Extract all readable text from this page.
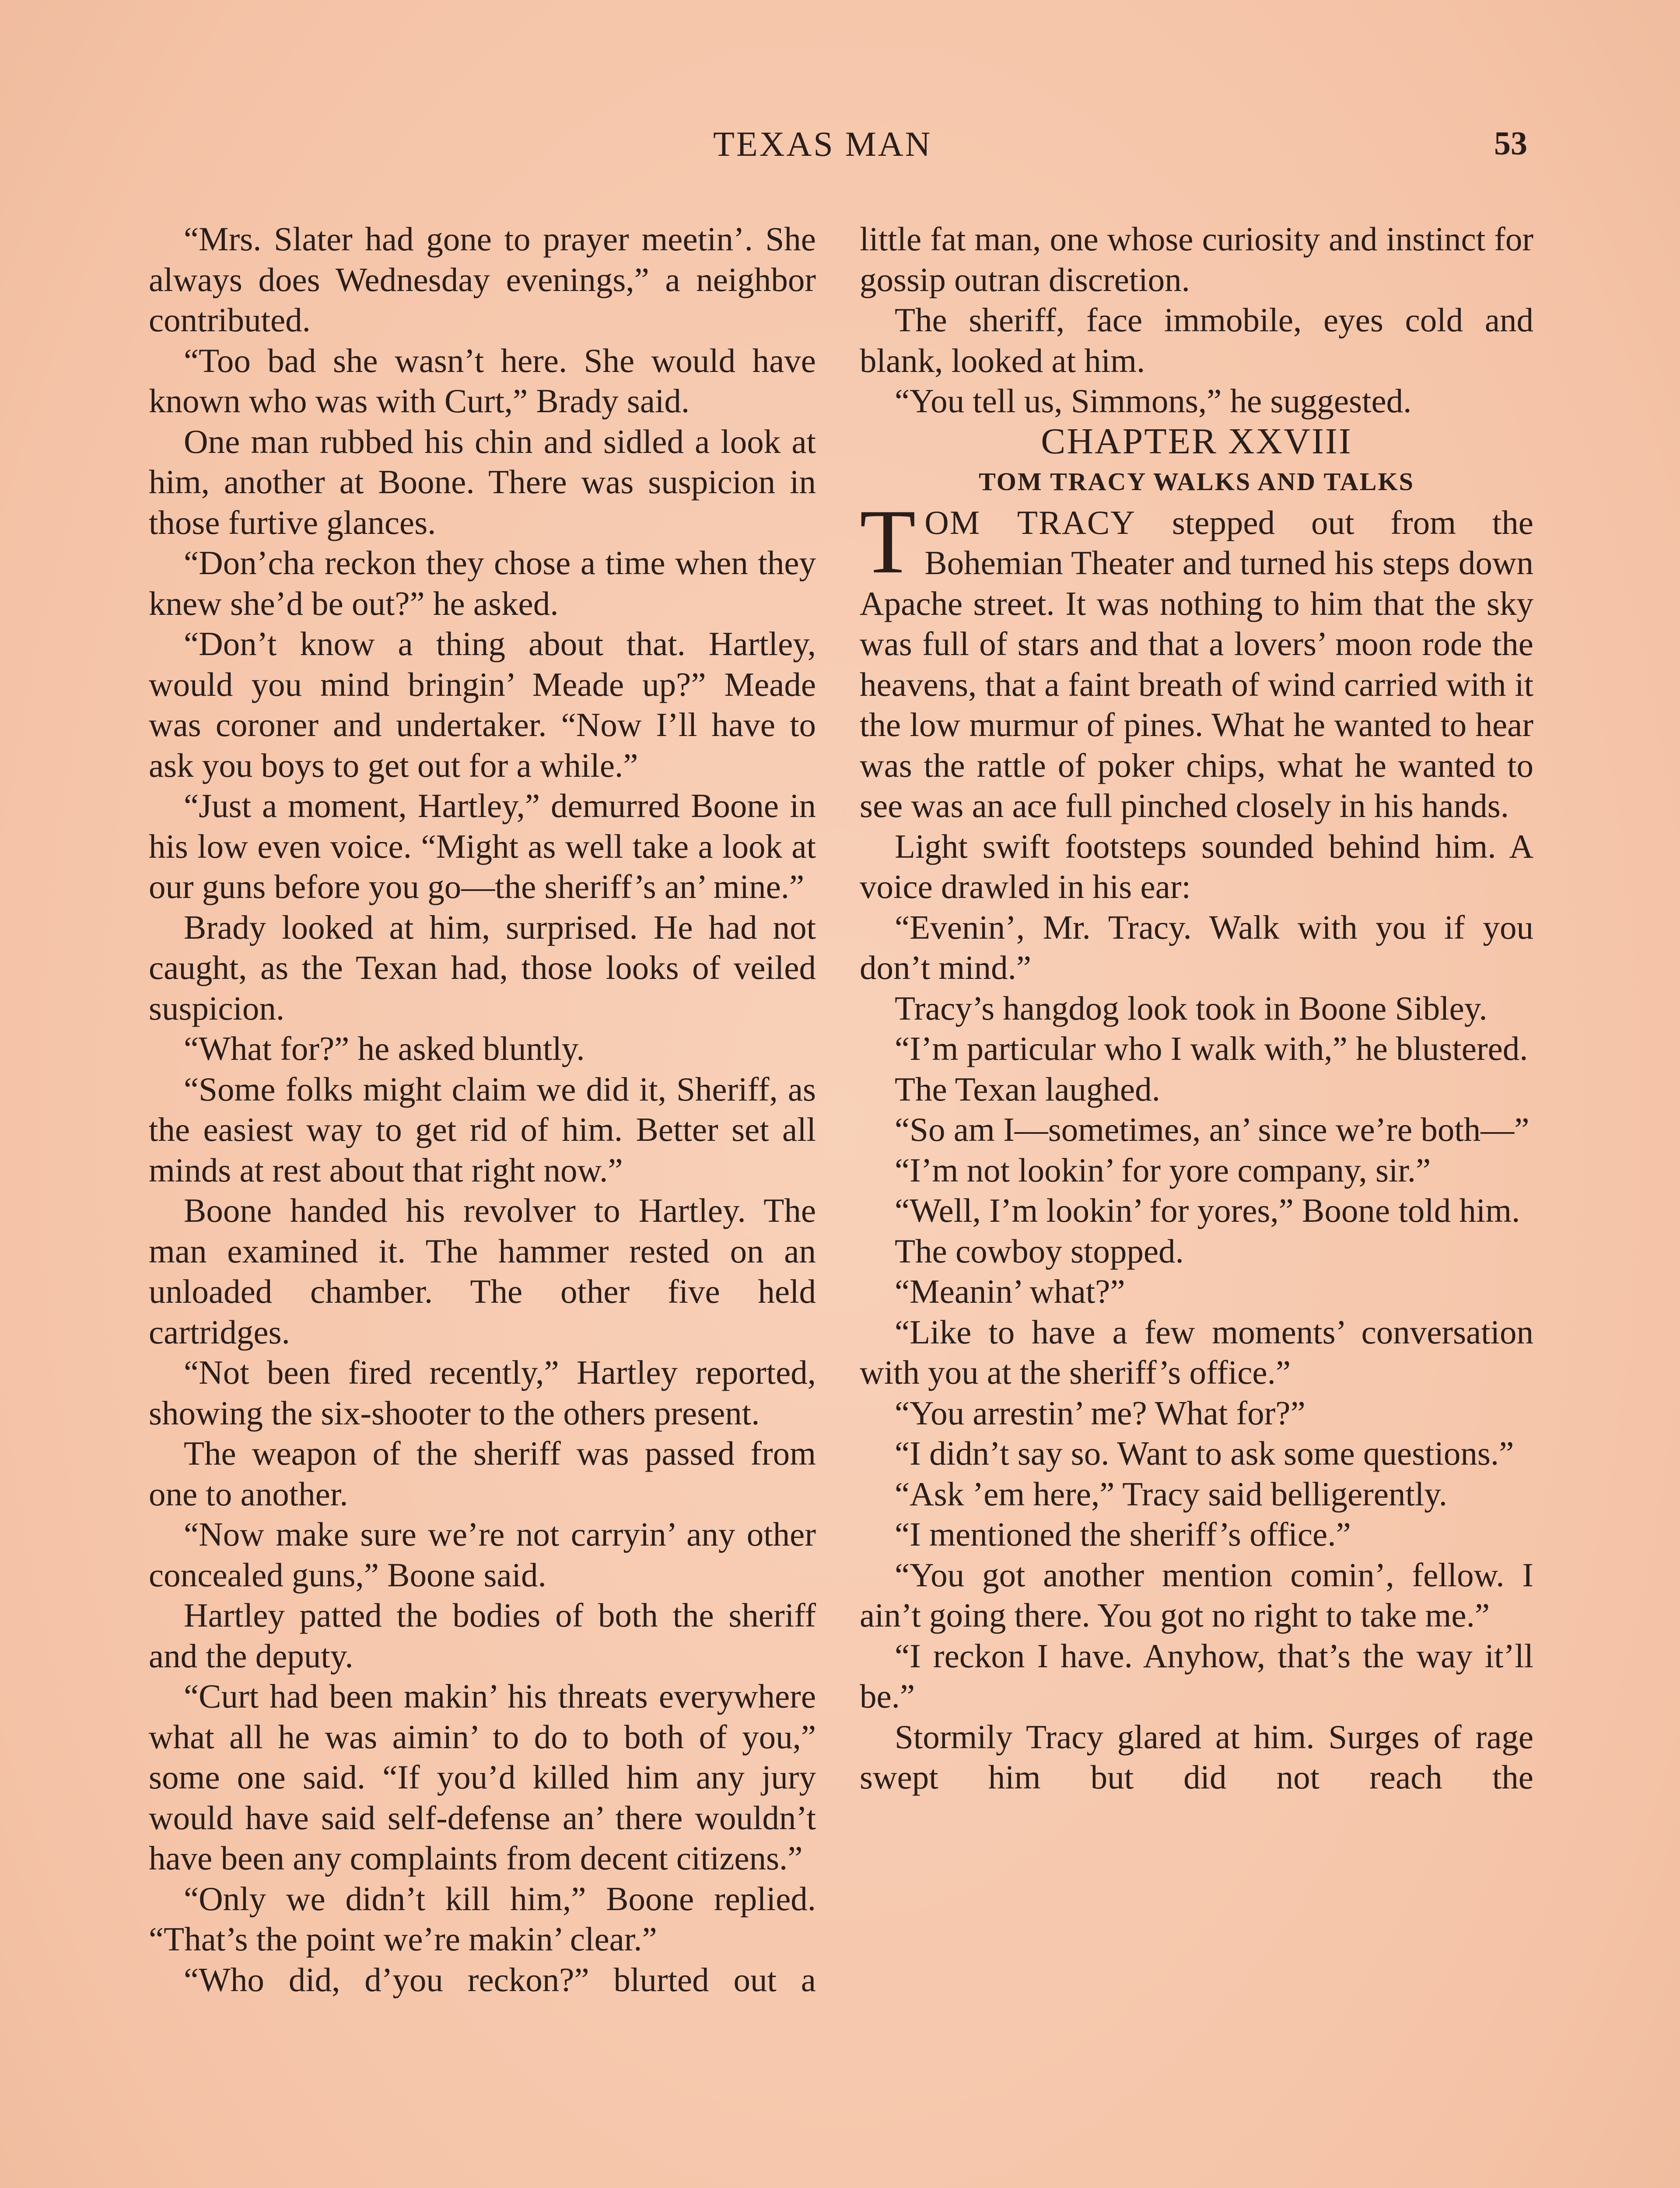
TEXAS MAN	53

“Mrs. Slater had gone to prayer meetin’. She always does Wednesday evenings,” a neighbor contributed.

“Too bad she wasn’t here. She would have known who was with Curt,” Brady said.

One man rubbed his chin and sidled a look at him, another at Boone. There was suspicion in those furtive glances.

“Don’cha reckon they chose a time when they knew she’d be out?” he asked.

“Don’t know a thing about that. Hartley, would you mind bringin’ Meade up?” Meade was coroner and undertaker. “Now I’ll have to ask you boys to get out for a while.”

“Just a moment, Hartley,” demurred Boone in his low even voice. “Might as well take a look at our guns before you go—the sheriff’s an’ mine.”

Brady looked at him, surprised. He had not caught, as the Texan had, those looks of veiled suspicion.

“What for?” he asked bluntly.

“Some folks might claim we did it, Sheriff, as the easiest way to get rid of him. Better set all minds at rest about that right now.”

Boone handed his revolver to Hartley. The man examined it. The hammer rested on an unloaded chamber. The other five held cartridges.

“Not been fired recently,” Hartley reported, showing the six-shooter to the others present.

The weapon of the sheriff was passed from one to another.

“Now make sure we’re not carryin’ any other concealed guns,” Boone said.

Hartley patted the bodies of both the sheriff and the deputy.

“Curt had been makin’ his threats everywhere what all he was aimin’ to do to both of you,” some one said. “If you’d killed him any jury would have said self-defense an’ there wouldn’t have been any complaints from decent citizens.”

“Only we didn’t kill him,” Boone replied. “That’s the point we’re makin’ clear.”

“Who did, d’you reckon?” blurted out a

little fat man, one whose curiosity and instinct for gossip outran discretion.

The sheriff, face immobile, eyes cold and blank, looked at him.

“You tell us, Simmons,” he suggested.

CHAPTER XXVIII

TOM TRACY WALKS AND TALKS

TOM TRACY stepped out from the Bohemian Theater and turned his steps down Apache street. It was nothing to him that the sky was full of stars and that a lovers’ moon rode the heavens, that a faint breath of wind carried with it the low murmur of pines. What he wanted to hear was the rattle of poker chips, what he wanted to see was an ace full pinched closely in his hands.

Light swift footsteps sounded behind him. A voice drawled in his ear:

“Evenin’, Mr. Tracy. Walk with you if you don’t mind.”

Tracy’s hangdog look took in Boone Sibley.

“I’m particular who I walk with,” he blustered.

The Texan laughed.

“So am I—sometimes, an’ since we’re both—”

“I’m not lookin’ for yore company, sir.”

“Well, I’m lookin’ for yores,” Boone told him.

The cowboy stopped.

“Meanin’ what?”

“Like to have a few moments’ conversation with you at the sheriff’s office.”

“You arrestin’ me? What for?”

“I didn’t say so. Want to ask some questions.”

“Ask ’em here,” Tracy said belligerently.

“I mentioned the sheriff’s office.”

“You got another mention comin’, fellow. I ain’t going there. You got no right to take me.”

“I reckon I have. Anyhow, that’s the way it’ll be.”

Stormily Tracy glared at him. Surges of rage swept him but did not reach the
